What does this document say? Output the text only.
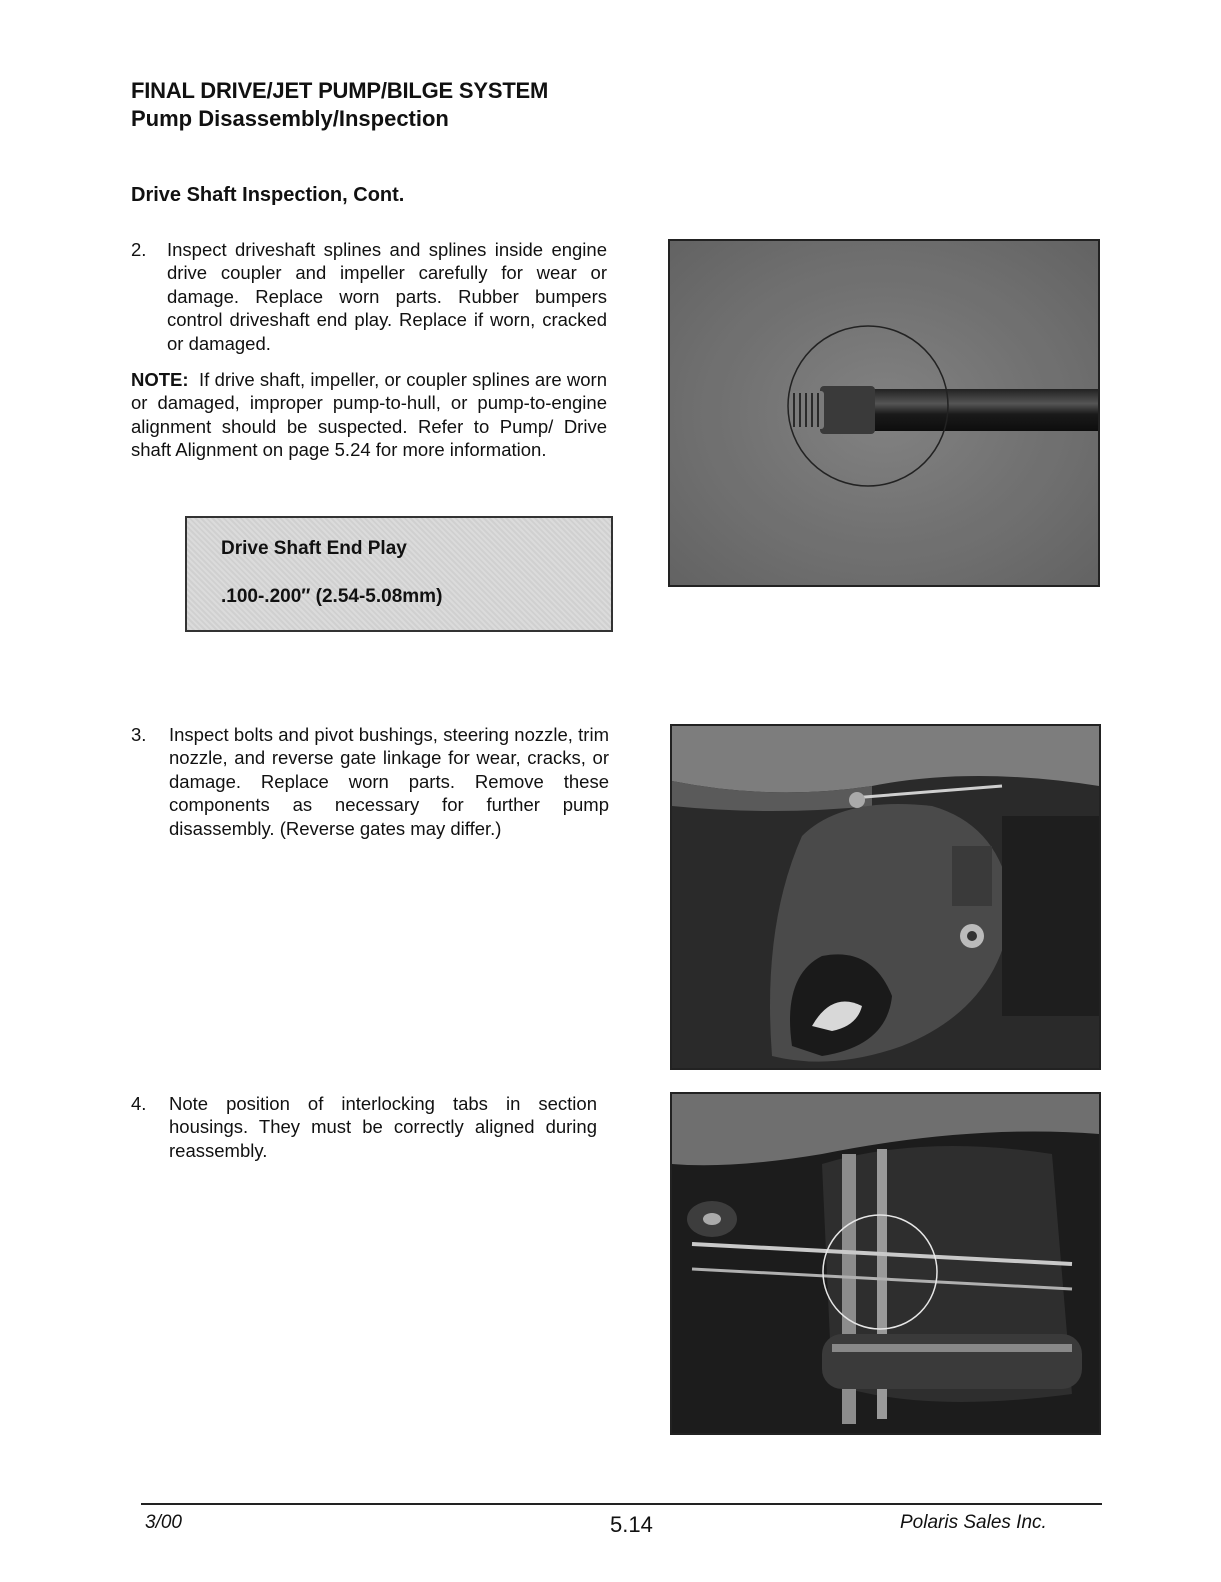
FINAL DRIVE/JET PUMP/BILGE SYSTEM
Pump Disassembly/Inspection
Drive Shaft Inspection, Cont.
2. Inspect driveshaft splines and splines inside engine drive coupler and impeller carefully for wear or damage. Replace worn parts. Rubber bumpers control driveshaft end play. Replace if worn, cracked or damaged.
NOTE: If drive shaft, impeller, or coupler splines are worn or damaged, improper pump-to-hull, or pump-to-engine alignment should be suspected. Refer to Pump/ Drive shaft Alignment on page 5.24 for more information.
Drive Shaft End Play
.100-.200″ (2.54-5.08mm)
3. Inspect bolts and pivot bushings, steering nozzle, trim nozzle, and reverse gate linkage for wear, cracks, or damage. Replace worn parts. Remove these components as necessary for further pump disassembly. (Reverse gates may differ.)
4. Note position of interlocking tabs in section housings. They must be correctly aligned during reassembly.
3/00	5.14	Polaris Sales Inc.
